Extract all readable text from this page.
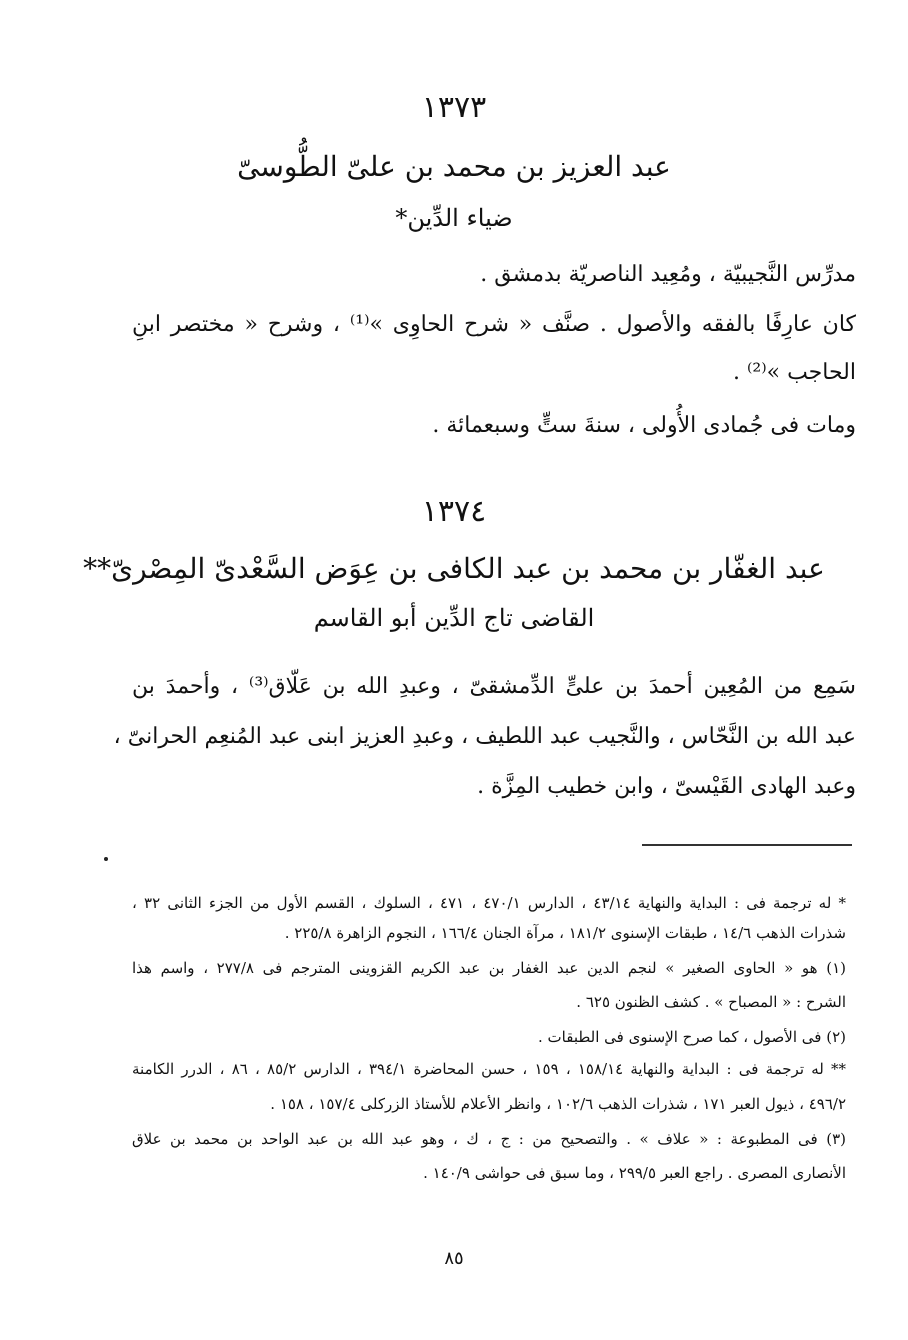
١٣٧٣
عبد العزيز بن محمد بن علىّ الطُّوسىّ
ضياء الدِّين*
مدرِّس النَّجيبيّة ، ومُعِيد الناصريّة بدمشق .
كان عارِفًا بالفقه والأصول . صنَّف « شرح الحاوِى »⁽¹⁾ ، وشرح « مختصر ابنِ
الحاجب »⁽²⁾ .
ومات فى جُمادى الأُولى ، سنةَ ستٍّ وسبعمائة .
١٣٧٤
عبد الغفّار بن محمد بن عبد الكافى بن عِوَض السَّعْدىّ المِصْرىّ**
القاضى تاج الدِّين أبو القاسم
سَمِع من المُعِين أحمدَ بن علىٍّ الدِّمشقىّ ، وعبدِ الله بن عَلّاق⁽³⁾ ، وأحمدَ بن
عبد الله بن النَّحّاس ، والنَّجيب عبد اللطيف ، وعبدِ العزيز ابنى عبد المُنعِم الحرانىّ ،
وعبد الهادى القَيْسىّ ، وابن خطيب المِزَّة .
* له ترجمة فى : البداية والنهاية ٤٣/١٤ ، الدارس ٤٧٠/١ ، ٤٧١ ، السلوك ، القسم الأول من الجزء الثانى ٣٢ ،
شذرات الذهب ١٤/٦ ، طبقات الإسنوى ١٨١/٢ ، مرآة الجنان ١٦٦/٤ ، النجوم الزاهرة ٢٢٥/٨ .
(١) هو « الحاوى الصغير » لنجم الدين عبد الغفار بن عبد الكريم القزوينى المترجم فى ٢٧٧/٨ ، واسم هذا
الشرح : « المصباح » . كشف الظنون ٦٢٥ .
(٢) فى الأصول ، كما صرح الإسنوى فى الطبقات .
** له ترجمة فى : البداية والنهاية ١٥٨/١٤ ، ١٥٩ ، حسن المحاضرة ٣٩٤/١ ، الدارس ٨٥/٢ ، ٨٦ ، الدرر الكامنة
٤٩٦/٢ ، ذيول العبر ١٧١ ، شذرات الذهب ١٠٢/٦ ، وانظر الأعلام للأستاذ الزركلى ١٥٧/٤ ، ١٥٨ .
(٣) فى المطبوعة : « علاف » . والتصحيح من : ج ، ك ، وهو عبد الله بن عبد الواحد بن محمد بن علاق
الأنصارى المصرى . راجع العبر ٢٩٩/٥ ، وما سبق فى حواشى ١٤٠/٩ .
٨٥
